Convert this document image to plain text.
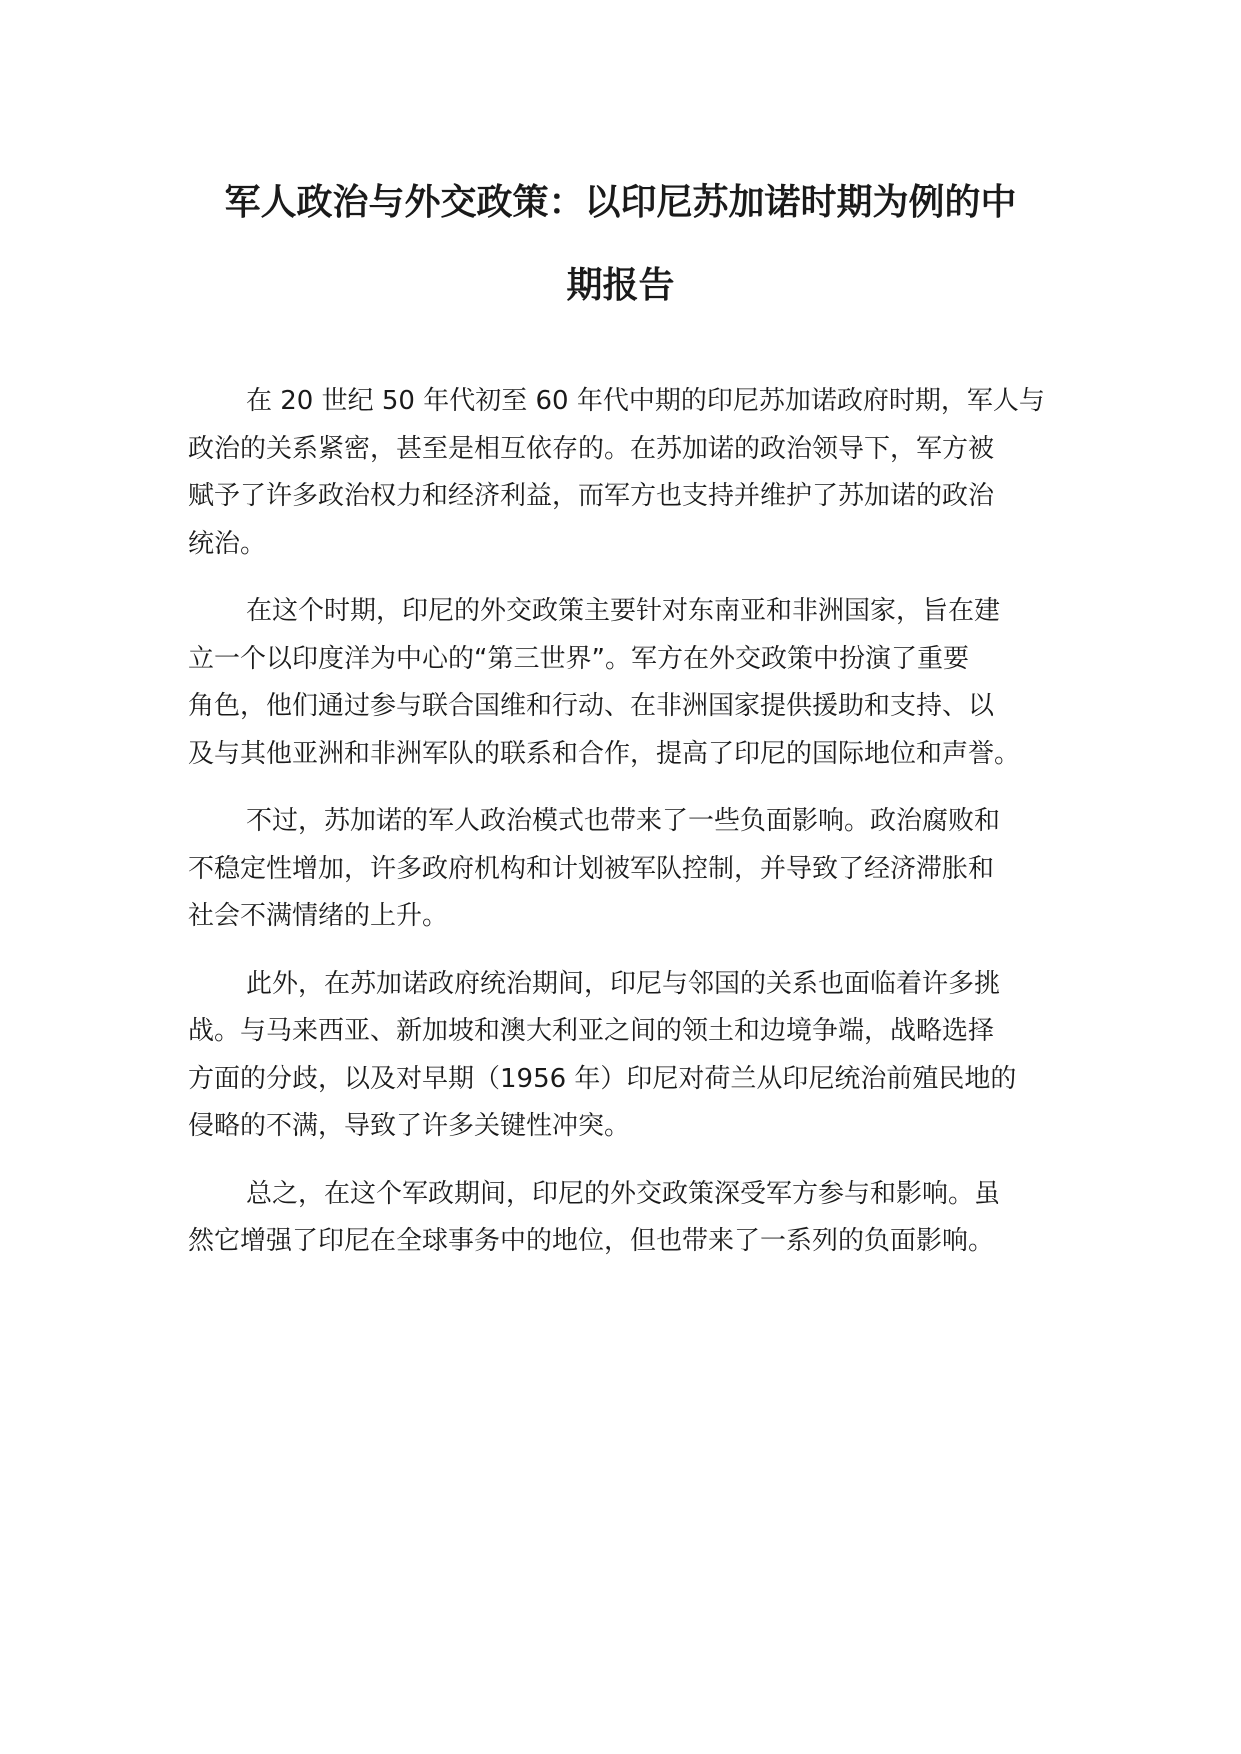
军人政治与外交政策：以印尼苏加诺时期为例的中
期报告

在 20 世纪 50 年代初至 60 年代中期的印尼苏加诺政府时期，军人与
政治的关系紧密，甚至是相互依存的。在苏加诺的政治领导下，军方被
赋予了许多政治权力和经济利益，而军方也支持并维护了苏加诺的政治
统治。

在这个时期，印尼的外交政策主要针对东南亚和非洲国家，旨在建
立一个以印度洋为中心的“第三世界”。军方在外交政策中扮演了重要
角色，他们通过参与联合国维和行动、在非洲国家提供援助和支持、以
及与其他亚洲和非洲军队的联系和合作，提高了印尼的国际地位和声誉。

不过，苏加诺的军人政治模式也带来了一些负面影响。政治腐败和
不稳定性增加，许多政府机构和计划被军队控制，并导致了经济滞胀和
社会不满情绪的上升。

此外，在苏加诺政府统治期间，印尼与邻国的关系也面临着许多挑
战。与马来西亚、新加坡和澳大利亚之间的领土和边境争端，战略选择
方面的分歧，以及对早期（1956 年）印尼对荷兰从印尼统治前殖民地的
侵略的不满，导致了许多关键性冲突。

总之，在这个军政期间，印尼的外交政策深受军方参与和影响。虽
然它增强了印尼在全球事务中的地位，但也带来了一系列的负面影响。
